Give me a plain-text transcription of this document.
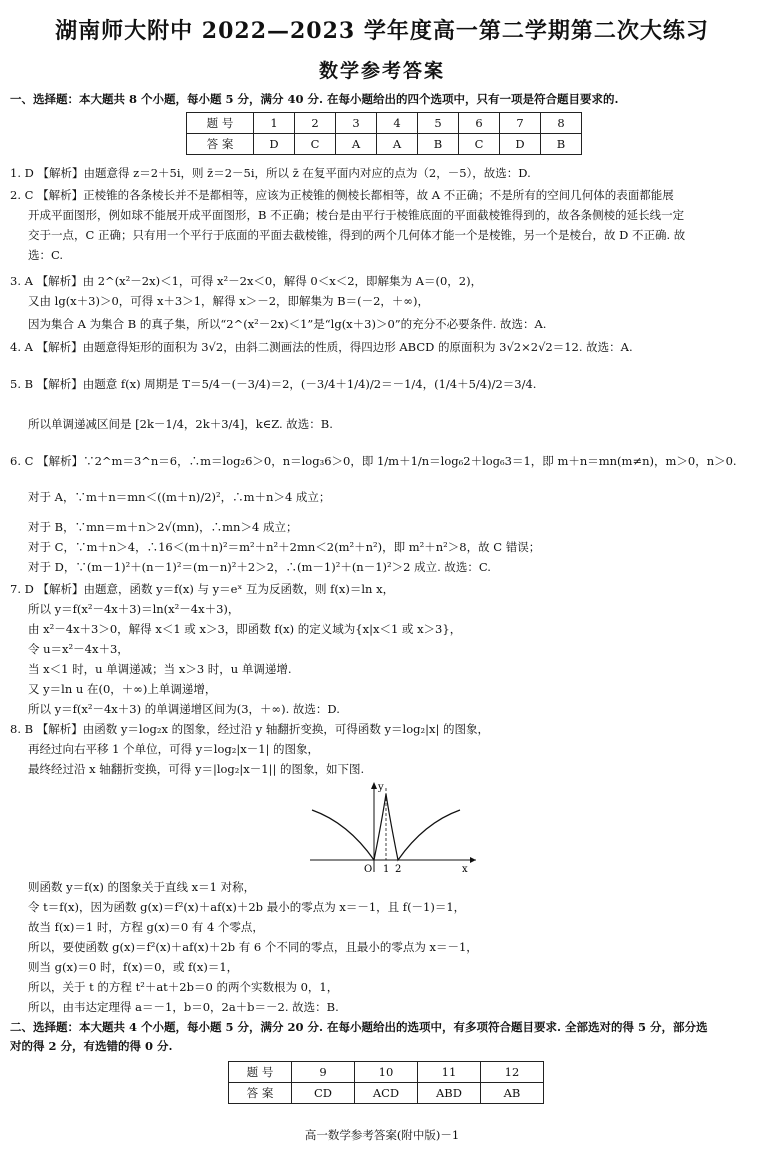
湖南师大附中 2022—2023 学年度高一第二学期第二次大练习
数学参考答案
一、选择题：本大题共 8 个小题，每小题 5 分，满分 40 分. 在每小题给出的四个选项中，只有一项是符合题目要求的.
题 号	1	2	3	4	5	6	7	8
答 案	D	C	A	A	B	C	D	B
1. D 【解析】由题意得 z＝2＋5i，则 z̄＝2－5i，所以 z̄ 在复平面内对应的点为（2，－5），故选：D.
2. C 【解析】正棱锥的各条棱长并不是都相等，应该为正棱锥的侧棱长都相等，故 A 不正确；不是所有的空间几何体的表面都能展
开成平面图形，例如球不能展开成平面图形，B 不正确；棱台是由平行于棱锥底面的平面截棱锥得到的，故各条侧棱的延长线一定
交于一点，C 正确；只有用一个平行于底面的平面去截棱锥，得到的两个几何体才能一个是棱锥，另一个是棱台，故 D 不正确. 故
选：C.
3. A 【解析】由 2^(x²－2x)＜1，可得 x²－2x＜0，解得 0＜x＜2，即解集为 A＝(0，2)，
又由 lg(x＋3)＞0，可得 x＋3＞1，解得 x＞－2，即解集为 B＝(－2，＋∞)，
因为集合 A 为集合 B 的真子集，所以“2^(x²－2x)＜1”是“lg(x＋3)＞0”的充分不必要条件. 故选：A.
4. A 【解析】由题意得矩形的面积为 3√2，由斜二测画法的性质，得四边形 ABCD 的原面积为 3√2×2√2＝12. 故选：A.
5. B 【解析】由题意 f(x) 周期是 T＝5/4－(－3/4)＝2，(－3/4＋1/4)/2＝－1/4，(1/4＋5/4)/2＝3/4.
所以单调递减区间是 [2k－1/4，2k＋3/4]，k∈Z. 故选：B.
6. C 【解析】∵2^m＝3^n＝6，∴m＝log₂6＞0，n＝log₃6＞0，即 1/m＋1/n＝log₆2＋log₆3＝1，即 m＋n＝mn(m≠n)，m＞0，n＞0.
对于 A，∵m＋n＝mn＜((m＋n)/2)²，∴m＋n＞4 成立；
对于 B，∵mn＝m＋n＞2√(mn)，∴mn＞4 成立；
对于 C，∵m＋n＞4，∴16＜(m＋n)²＝m²＋n²＋2mn＜2(m²＋n²)，即 m²＋n²＞8，故 C 错误；
对于 D，∵(m－1)²＋(n－1)²＝(m－n)²＋2＞2，∴(m－1)²＋(n－1)²＞2 成立. 故选：C.
7. D 【解析】由题意，函数 y＝f(x) 与 y＝eˣ 互为反函数，则 f(x)＝ln x，
所以 y＝f(x²－4x＋3)＝ln(x²－4x＋3)，
由 x²－4x＋3＞0，解得 x＜1 或 x＞3，即函数 f(x) 的定义域为{x|x＜1 或 x＞3}，
令 u＝x²－4x＋3，
当 x＜1 时，u 单调递减；当 x＞3 时，u 单调递增.
又 y＝ln u 在(0，＋∞)上单调递增，
所以 y＝f(x²－4x＋3) 的单调递增区间为(3，＋∞). 故选：D.
8. B 【解析】由函数 y＝log₂x 的图象，经过沿 y 轴翻折变换，可得函数 y＝log₂|x| 的图象，
再经过向右平移 1 个单位，可得 y＝log₂|x－1| 的图象，
最终经过沿 x 轴翻折变换，可得 y＝|log₂|x－1|| 的图象，如下图.
y
x
O 1 2
则函数 y＝f(x) 的图象关于直线 x＝1 对称，
令 t＝f(x)，因为函数 g(x)＝f²(x)＋af(x)＋2b 最小的零点为 x＝－1，且 f(－1)＝1，
故当 f(x)＝1 时，方程 g(x)＝0 有 4 个零点，
所以，要使函数 g(x)＝f²(x)＋af(x)＋2b 有 6 个不同的零点，且最小的零点为 x＝－1，
则当 g(x)＝0 时，f(x)＝0，或 f(x)＝1，
所以，关于 t 的方程 t²＋at＋2b＝0 的两个实数根为 0，1，
所以，由韦达定理得 a＝－1，b＝0，2a＋b＝－2. 故选：B.
二、选择题：本大题共 4 个小题，每小题 5 分，满分 20 分. 在每小题给出的选项中，有多项符合题目要求. 全部选对的得 5 分，部分选
对的得 2 分，有选错的得 0 分.
题 号	9	10	11	12
答 案	CD	ACD	ABD	AB
高一数学参考答案(附中版)－1
